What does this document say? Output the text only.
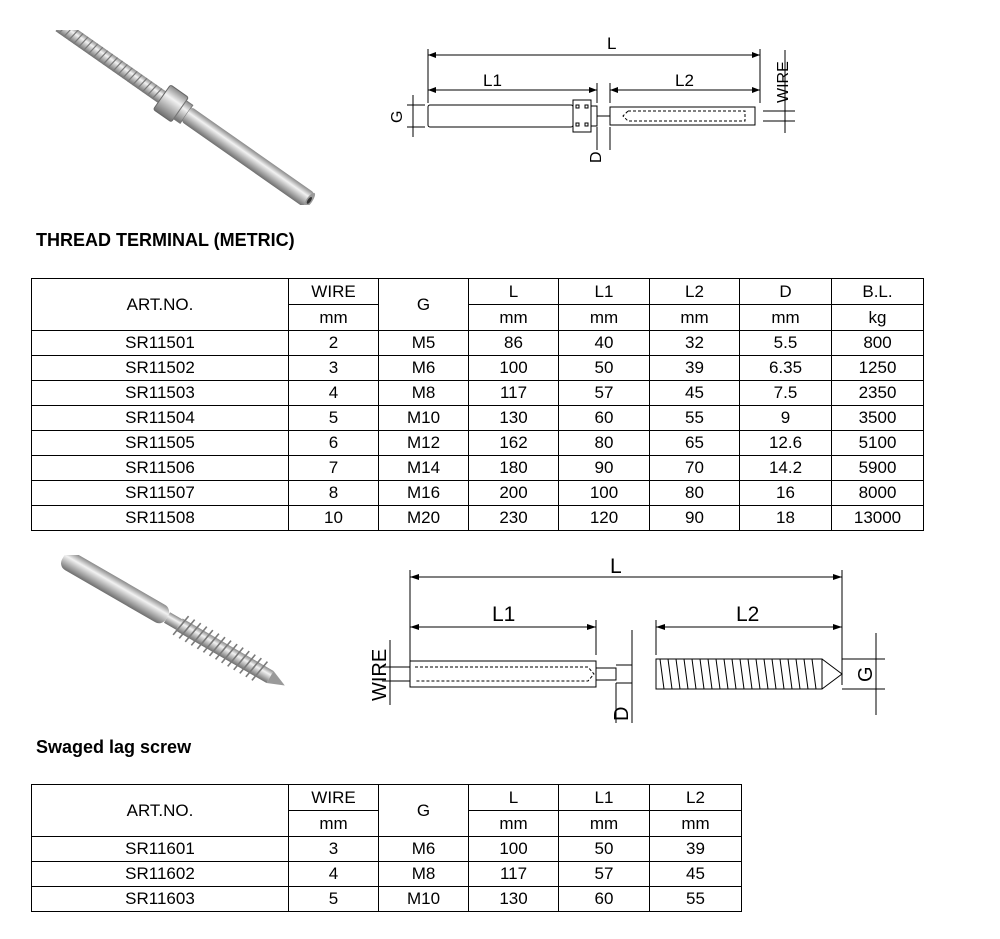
L
L1	L2
G
D
WIRE
THREAD TERMINAL (METRIC)
ART.NO.	WIRE	G	L	L1	L2	D	B.L.
	mm		mm	mm	mm	mm	kg
SR11501	2	M5	86	40	32	5.5	800
SR11502	3	M6	100	50	39	6.35	1250
SR11503	4	M8	117	57	45	7.5	2350
SR11504	5	M10	130	60	55	9	3500
SR11505	6	M12	162	80	65	12.6	5100
SR11506	7	M14	180	90	70	14.2	5900
SR11507	8	M16	200	100	80	16	8000
SR11508	10	M20	230	120	90	18	13000
L
L1	L2
WIRE
D
G
Swaged lag screw
ART.NO.	WIRE	G	L	L1	L2
	mm		mm	mm	mm
SR11601	3	M6	100	50	39
SR11602	4	M8	117	57	45
SR11603	5	M10	130	60	55
